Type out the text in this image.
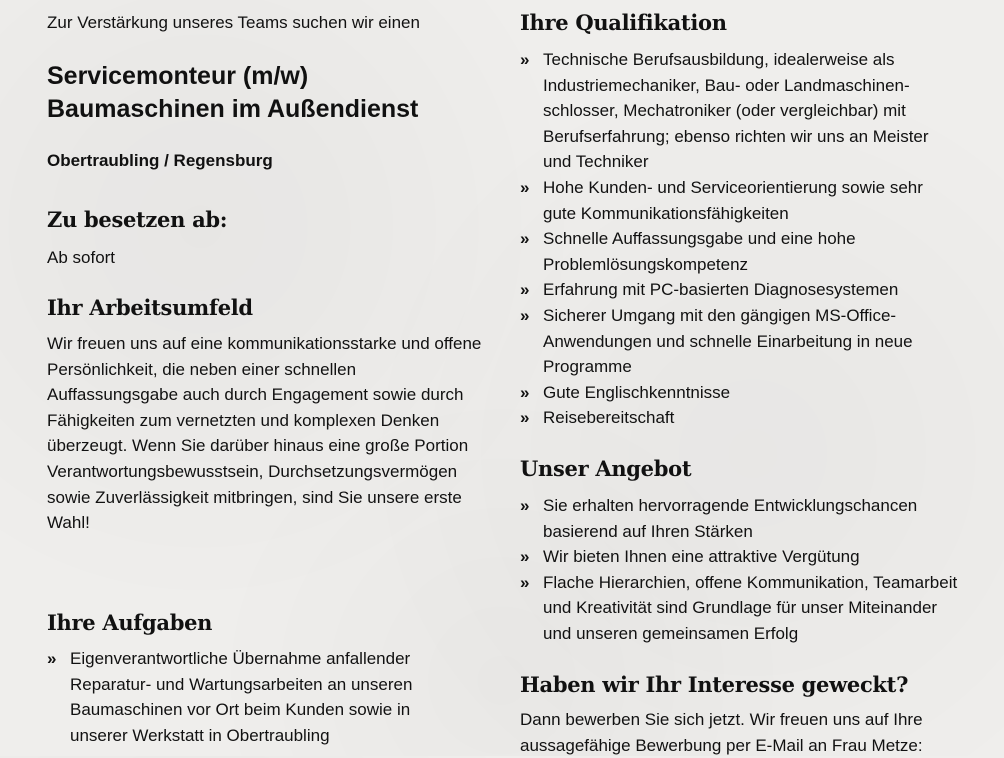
Zur Verstärkung unseres Teams suchen wir einen
Servicemonteur (m/w)
Baumaschinen im Außendienst
Obertraubling / Regensburg
Zu besetzen ab:

Ab sofort

Ihr Arbeitsumfeld

Wir freuen uns auf eine kommunikationsstarke und offene Persönlichkeit, die neben einer schnellen Auffassungsgabe auch durch Engagement sowie durch Fähigkeiten zum vernetzten und komplexen Denken überzeugt. Wenn Sie darüber hinaus eine große Portion Verantwortungsbewusstsein, Durchsetzungsvermögen sowie Zuverlässigkeit mitbringen, sind Sie unsere erste Wahl!

Ihre Aufgaben
» Eigenverantwortliche Übernahme anfallender Reparatur- und Wartungsarbeiten an unseren Baumaschinen vor Ort beim Kunden sowie in unserer Werkstatt in Obertraubling
Ihre Qualifikation
» Technische Berufsausbildung, idealerweise als Industriemechaniker, Bau- oder Landmaschinen-schlosser, Mechatroniker (oder vergleichbar) mit Berufserfahrung; ebenso richten wir uns an Meister und Techniker
» Hohe Kunden- und Serviceorientierung sowie sehr gute Kommunikationsfähigkeiten
» Schnelle Auffassungsgabe und eine hohe Problemlösungskompetenz
» Erfahrung mit PC-basierten Diagnosesystemen
» Sicherer Umgang mit den gängigen MS-Office-Anwendungen und schnelle Einarbeitung in neue Programme
» Gute Englischkenntnisse
» Reisebereitschaft
Unser Angebot
» Sie erhalten hervorragende Entwicklungschancen basierend auf Ihren Stärken
» Wir bieten Ihnen eine attraktive Vergütung
» Flache Hierarchien, offene Kommunikation, Teamarbeit und Kreativität sind Grundlage für unser Miteinander und unseren gemeinsamen Erfolg
Haben wir Ihr Interesse geweckt?

Dann bewerben Sie sich jetzt. Wir freuen uns auf Ihre aussagefähige Bewerbung per E-Mail an Frau Metze:
